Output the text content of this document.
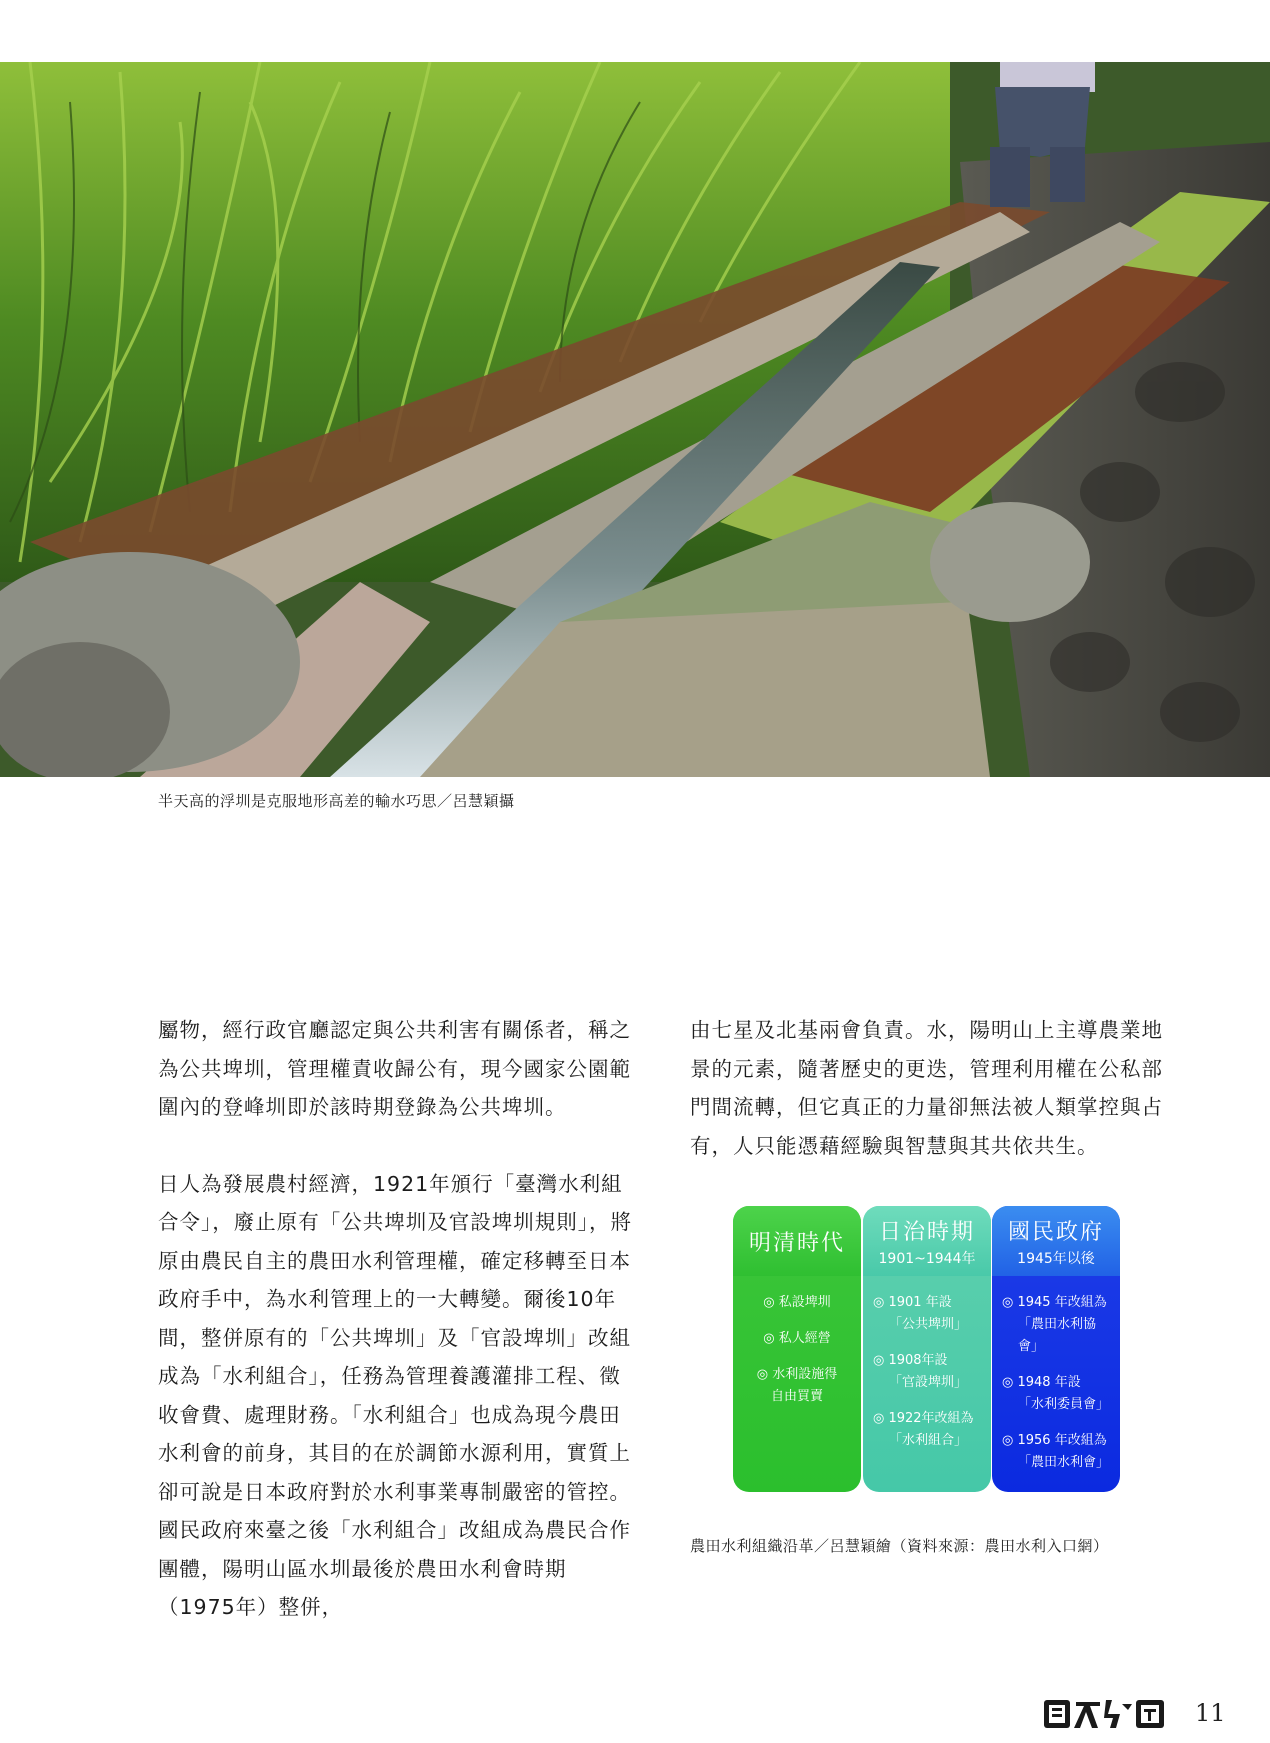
半天高的浮圳是克服地形高差的輸水巧思／呂慧穎攝

屬物，經行政官廳認定與公共利害有關係者，稱之為公共埤圳，管理權責收歸公有，現今國家公園範圍內的登峰圳即於該時期登錄為公共埤圳。

日人為發展農村經濟，1921年頒行「臺灣水利組合令」，廢止原有「公共埤圳及官設埤圳規則」，將原由農民自主的農田水利管理權，確定移轉至日本政府手中，為水利管理上的一大轉變。爾後10年間，整併原有的「公共埤圳」及「官設埤圳」改組成為「水利組合」，任務為管理養護灌排工程、徵收會費、處理財務。「水利組合」也成為現今農田水利會的前身，其目的在於調節水源利用，實質上卻可說是日本政府對於水利事業專制嚴密的管控。國民政府來臺之後「水利組合」改組成為農民合作團體，陽明山區水圳最後於農田水利會時期（1975年）整併，

由七星及北基兩會負責。水，陽明山上主導農業地景的元素，隨著歷史的更迭，管理利用權在公私部門間流轉，但它真正的力量卻無法被人類掌控與占有，人只能憑藉經驗與智慧與其共依共生。

明清時代
◎ 私設埤圳
◎ 私人經營
◎ 水利設施得
自由買賣
日治時期
1901~1944年
◎ 1901 年設
「公共埤圳」
◎ 1908年設
「官設埤圳」
◎ 1922年改組為
「水利組合」
國民政府
1945年以後
◎ 1945 年改組為
「農田水利協會」
◎ 1948 年設
「水利委員會」
◎ 1956 年改組為
「農田水利會」
農田水利組織沿革／呂慧穎繪（資料來源：農田水利入口網）
11
